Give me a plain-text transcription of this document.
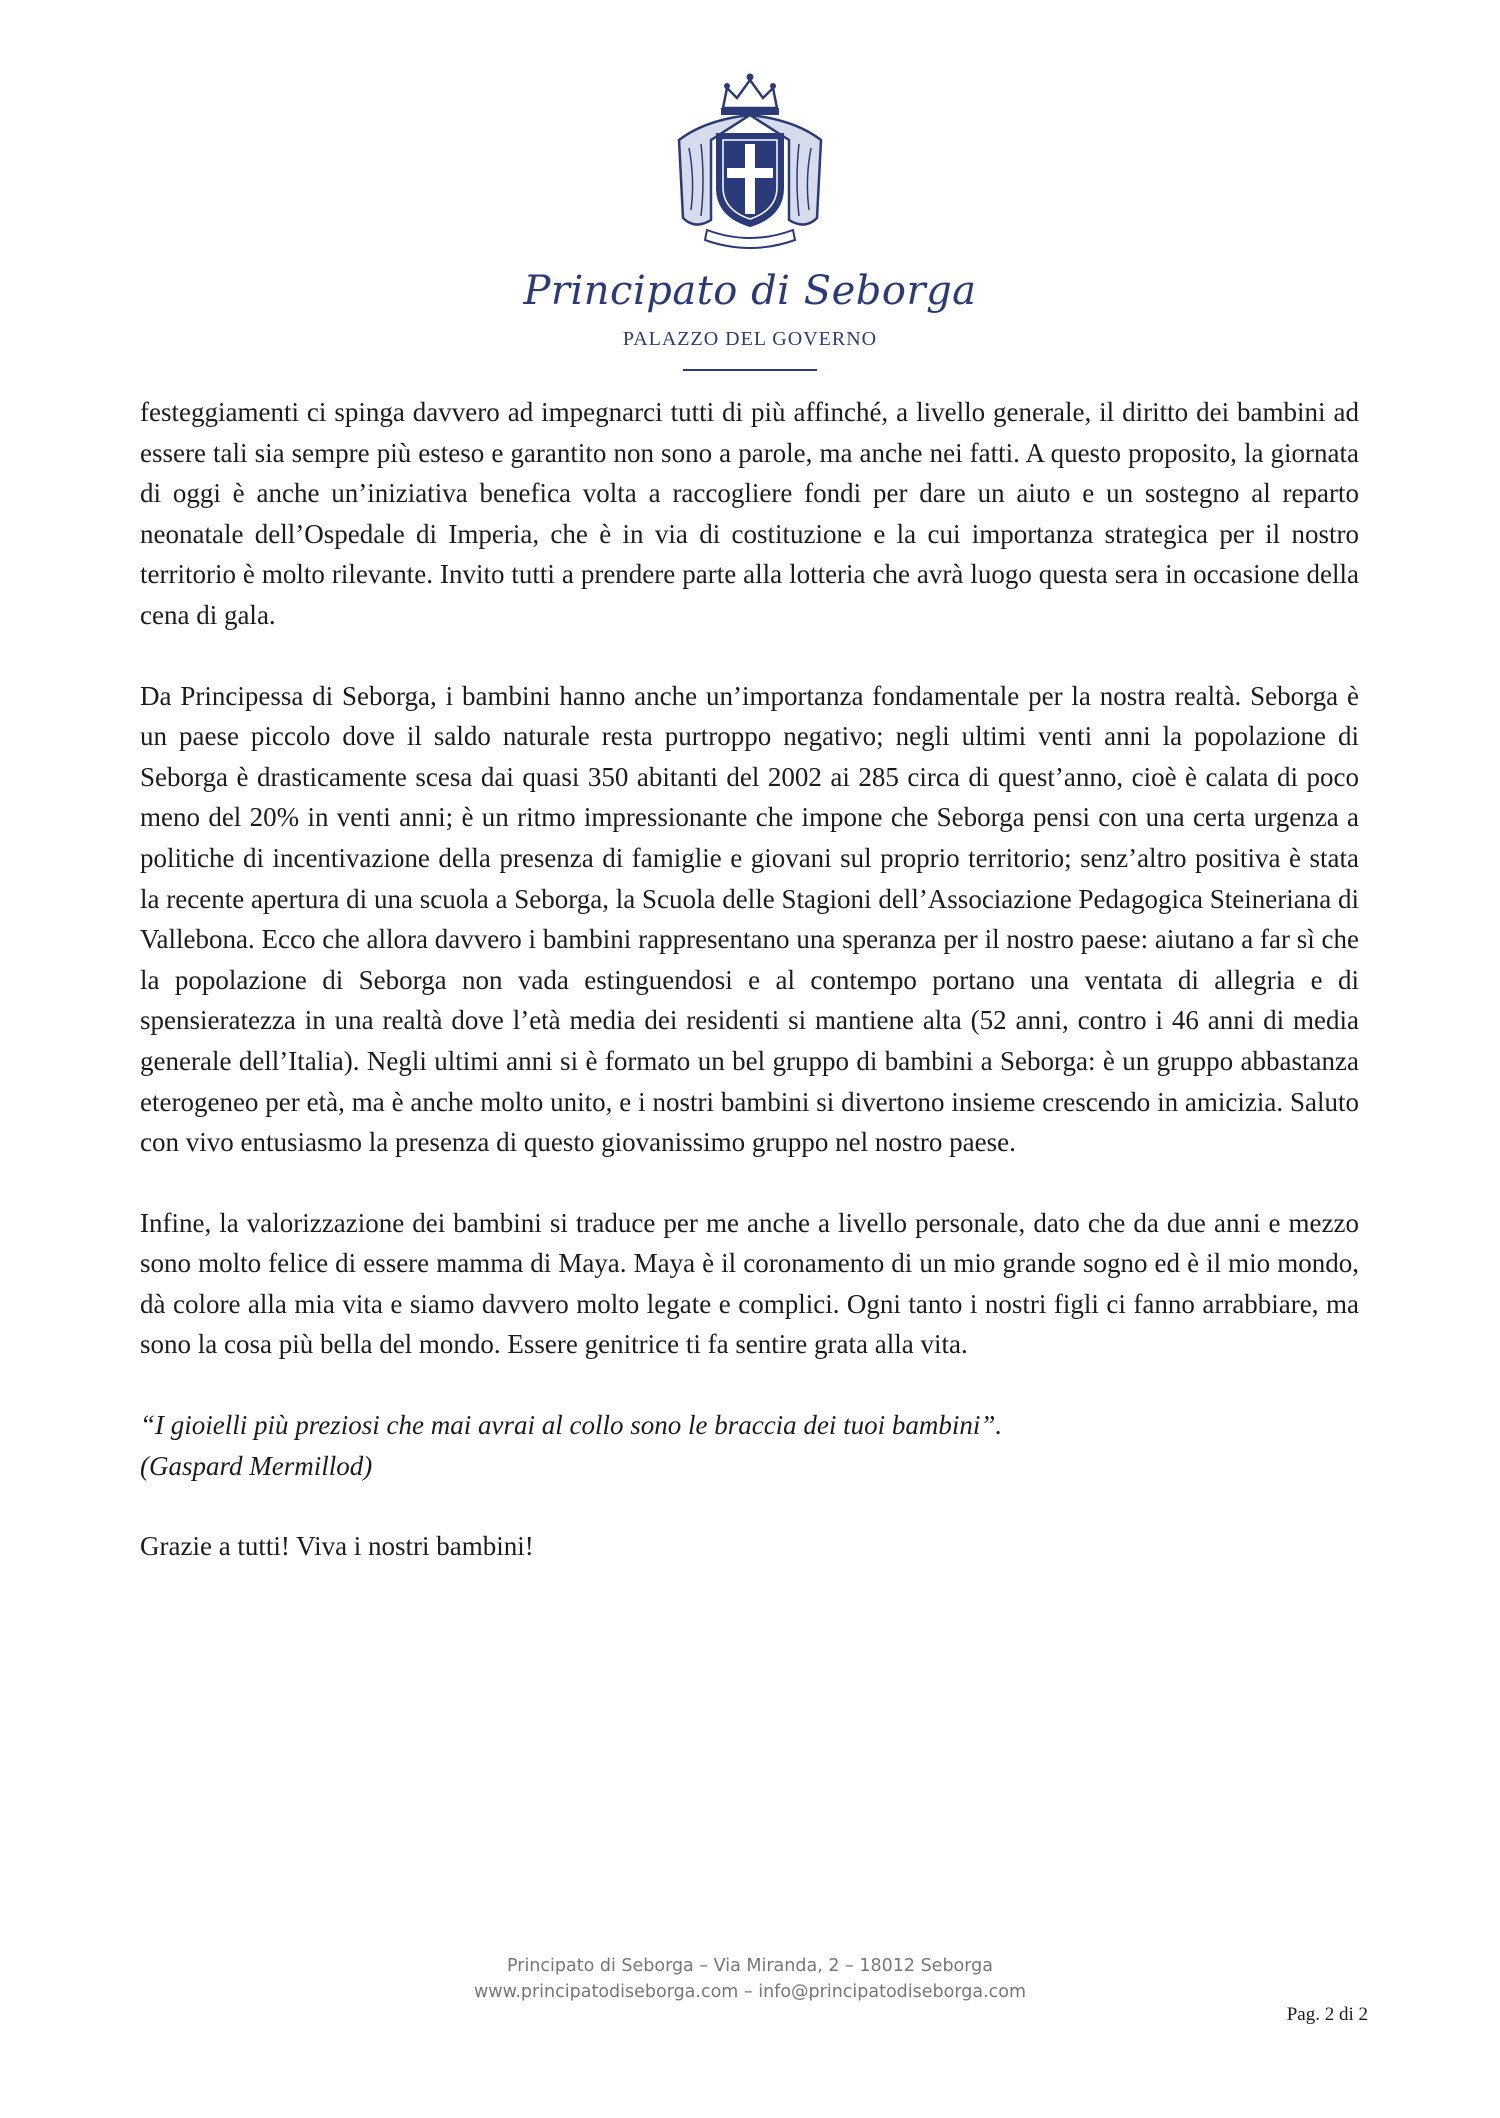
Principato di Seborga
PALAZZO DEL GOVERNO

festeggiamenti ci spinga davvero ad impegnarci tutti di più affinché, a livello generale, il diritto dei bambini ad essere tali sia sempre più esteso e garantito non sono a parole, ma anche nei fatti. A questo proposito, la giornata di oggi è anche un’iniziativa benefica volta a raccogliere fondi per dare un aiuto e un sostegno al reparto neonatale dell’Ospedale di Imperia, che è in via di costituzione e la cui importanza strategica per il nostro territorio è molto rilevante. Invito tutti a prendere parte alla lotteria che avrà luogo questa sera in occasione della cena di gala.

Da Principessa di Seborga, i bambini hanno anche un’importanza fondamentale per la nostra realtà. Seborga è un paese piccolo dove il saldo naturale resta purtroppo negativo; negli ultimi venti anni la popolazione di Seborga è drasticamente scesa dai quasi 350 abitanti del 2002 ai 285 circa di quest’anno, cioè è calata di poco meno del 20% in venti anni; è un ritmo impressionante che impone che Seborga pensi con una certa urgenza a politiche di incentivazione della presenza di famiglie e giovani sul proprio territorio; senz’altro positiva è stata la recente apertura di una scuola a Seborga, la Scuola delle Stagioni dell’Associazione Pedagogica Steineriana di Vallebona. Ecco che allora davvero i bambini rappresentano una speranza per il nostro paese: aiutano a far sì che la popolazione di Seborga non vada estinguendosi e al contempo portano una ventata di allegria e di spensieratezza in una realtà dove l’età media dei residenti si mantiene alta (52 anni, contro i 46 anni di media generale dell’Italia). Negli ultimi anni si è formato un bel gruppo di bambini a Seborga: è un gruppo abbastanza eterogeneo per età, ma è anche molto unito, e i nostri bambini si divertono insieme crescendo in amicizia. Saluto con vivo entusiasmo la presenza di questo giovanissimo gruppo nel nostro paese.

Infine, la valorizzazione dei bambini si traduce per me anche a livello personale, dato che da due anni e mezzo sono molto felice di essere mamma di Maya. Maya è il coronamento di un mio grande sogno ed è il mio mondo, dà colore alla mia vita e siamo davvero molto legate e complici. Ogni tanto i nostri figli ci fanno arrabbiare, ma sono la cosa più bella del mondo. Essere genitrice ti fa sentire grata alla vita.

“I gioielli più preziosi che mai avrai al collo sono le braccia dei tuoi bambini”.

(Gaspard Mermillod)

Grazie a tutti! Viva i nostri bambini!

Principato di Seborga – Via Miranda, 2 – 18012 Seborga
www.principatodiseborga.com – info@principatodiseborga.com
Pag. 2 di 2
